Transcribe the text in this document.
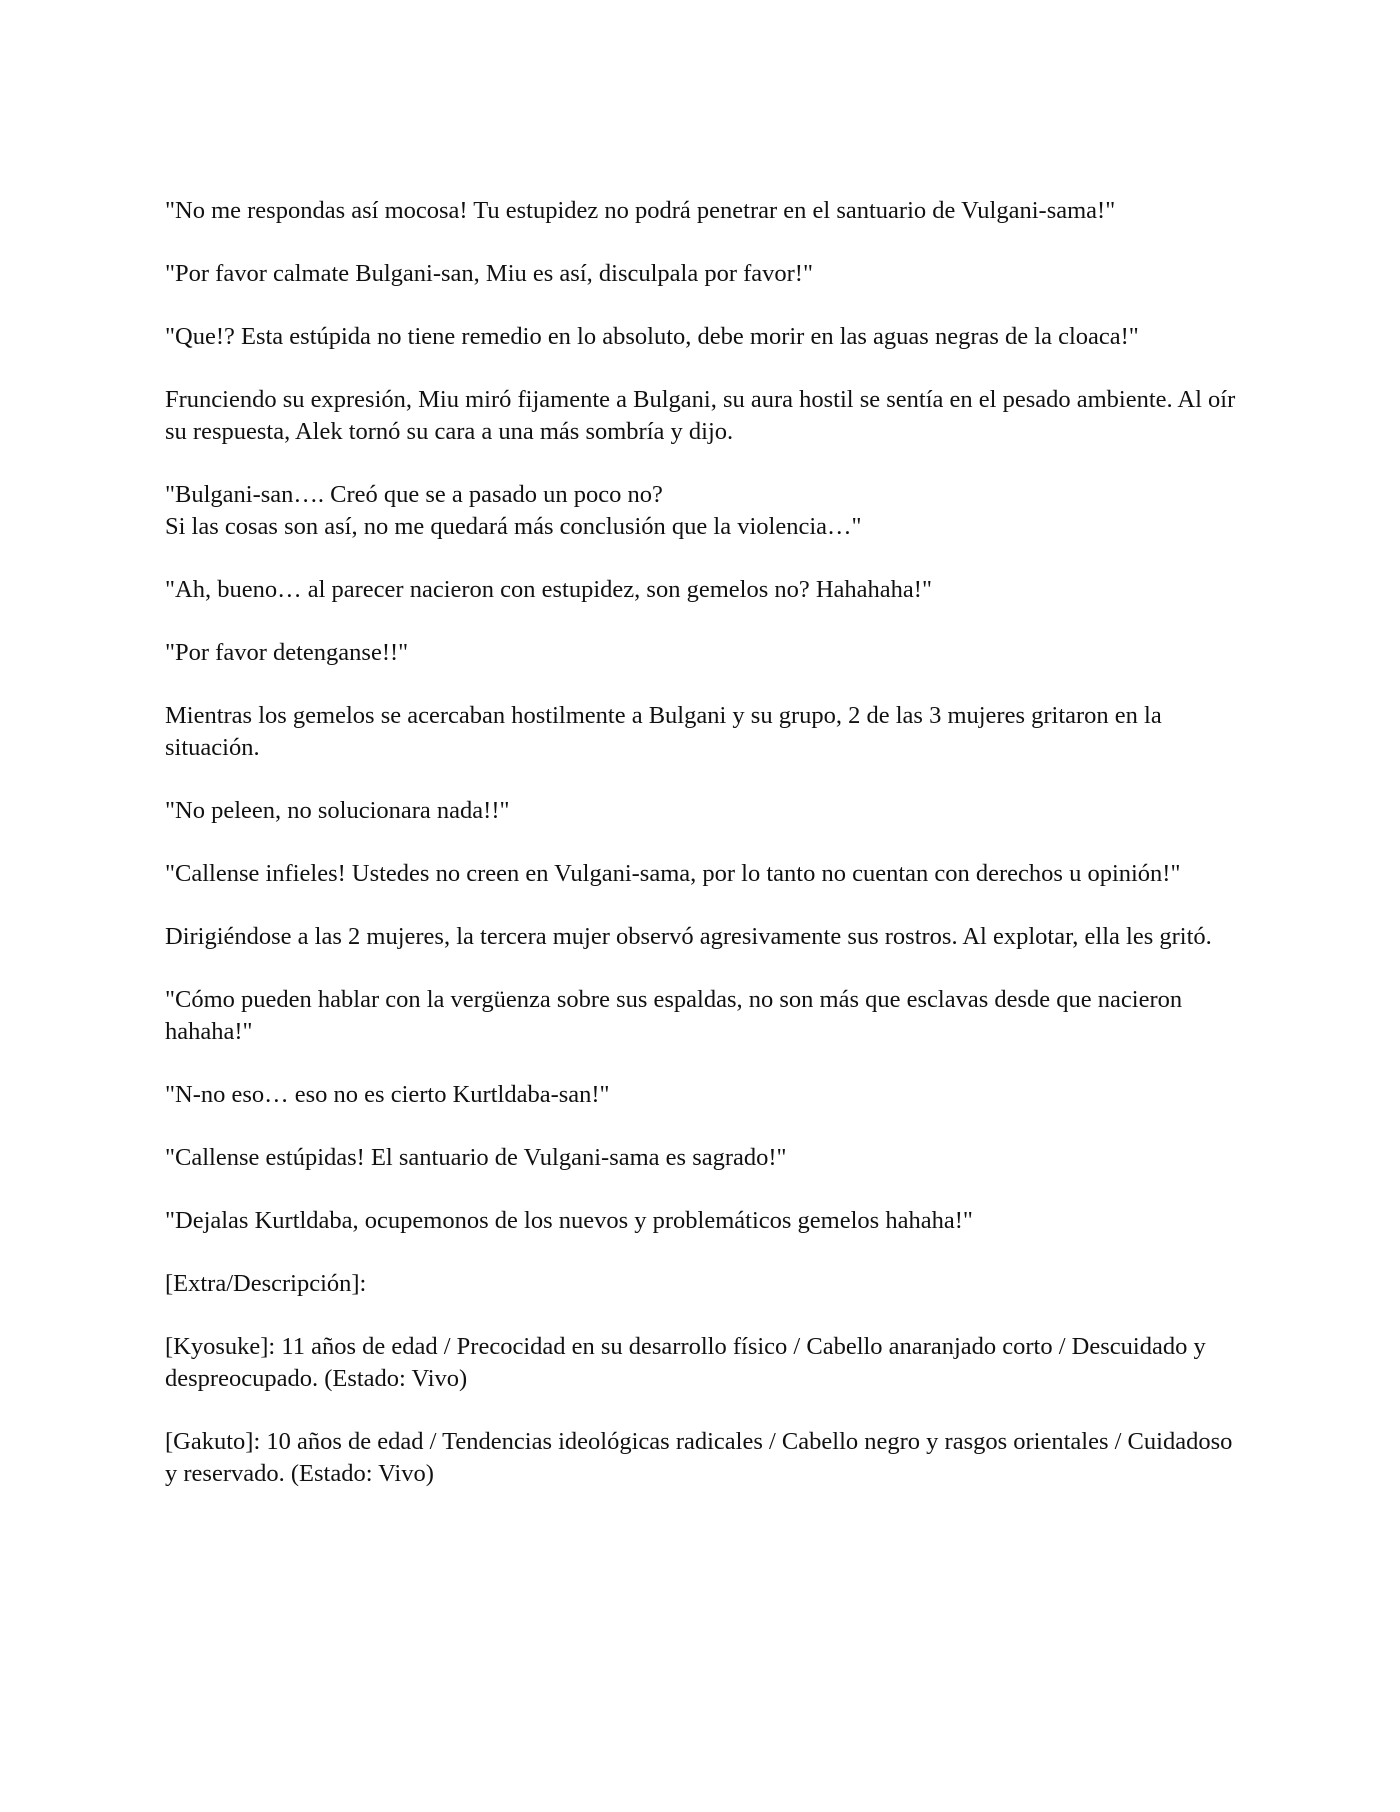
"No me respondas así mocosa! Tu estupidez no podrá penetrar en el santuario de Vulgani-sama!"

"Por favor calmate Bulgani-san, Miu es así, disculpala por favor!"

"Que!? Esta estúpida no tiene remedio en lo absoluto, debe morir en las aguas negras de la cloaca!"

Frunciendo su expresión, Miu miró fijamente a Bulgani, su aura hostil se sentía en el pesado ambiente. Al oír su respuesta, Alek tornó su cara a una más sombría y dijo.

"Bulgani-san…. Creó que se a pasado un poco no?
Si las cosas son así, no me quedará más conclusión que la violencia…"

"Ah, bueno… al parecer nacieron con estupidez, son gemelos no? Hahahaha!"

"Por favor detenganse!!"

Mientras los gemelos se acercaban hostilmente a Bulgani y su grupo, 2 de las 3 mujeres gritaron en la situación.

"No peleen, no solucionara nada!!"

"Callense infieles! Ustedes no creen en Vulgani-sama, por lo tanto no cuentan con derechos u opinión!"

Dirigiéndose a las 2 mujeres, la tercera mujer observó agresivamente sus rostros. Al explotar, ella les gritó.

"Cómo pueden hablar con la vergüenza sobre sus espaldas, no son más que esclavas desde que nacieron hahaha!"

"N-no eso… eso no es cierto Kurtldaba-san!"

"Callense estúpidas! El santuario de Vulgani-sama es sagrado!"

"Dejalas Kurtldaba, ocupemonos de los nuevos y problemáticos gemelos hahaha!"

[Extra/Descripción]:

[Kyosuke]: 11 años de edad / Precocidad en su desarrollo físico / Cabello anaranjado corto / Descuidado y despreocupado. (Estado: Vivo)

[Gakuto]: 10 años de edad / Tendencias ideológicas radicales / Cabello negro y rasgos orientales / Cuidadoso y reservado. (Estado: Vivo)
